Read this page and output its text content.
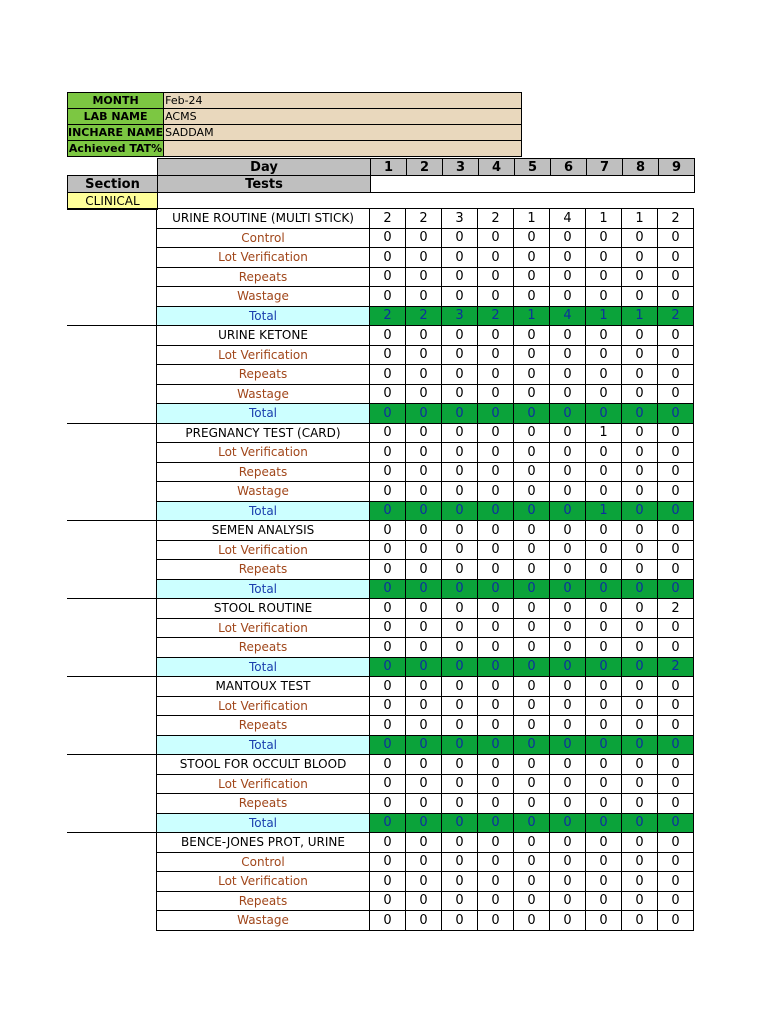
MONTH	Feb-24
LAB NAME	ACMS
INCHARE NAME	SADDAM
Achieved TAT%	
	Day	1	2	3	4	5	6	7	8	9
Section	Tests									
CLINICAL										
	URINE ROUTINE (MULTI STICK)	2	2	3	2	1	4	1	1	2
	Control	0	0	0	0	0	0	0	0	0
	Lot Verification	0	0	0	0	0	0	0	0	0
	Repeats	0	0	0	0	0	0	0	0	0
	Wastage	0	0	0	0	0	0	0	0	0
	Total	2	2	3	2	1	4	1	1	2
	URINE KETONE	0	0	0	0	0	0	0	0	0
	Lot Verification	0	0	0	0	0	0	0	0	0
	Repeats	0	0	0	0	0	0	0	0	0
	Wastage	0	0	0	0	0	0	0	0	0
	Total	0	0	0	0	0	0	0	0	0
	PREGNANCY TEST (CARD)	0	0	0	0	0	0	1	0	0
	Lot Verification	0	0	0	0	0	0	0	0	0
	Repeats	0	0	0	0	0	0	0	0	0
	Wastage	0	0	0	0	0	0	0	0	0
	Total	0	0	0	0	0	0	1	0	0
	SEMEN ANALYSIS	0	0	0	0	0	0	0	0	0
	Lot Verification	0	0	0	0	0	0	0	0	0
	Repeats	0	0	0	0	0	0	0	0	0
	Total	0	0	0	0	0	0	0	0	0
	STOOL ROUTINE	0	0	0	0	0	0	0	0	2
	Lot Verification	0	0	0	0	0	0	0	0	0
	Repeats	0	0	0	0	0	0	0	0	0
	Total	0	0	0	0	0	0	0	0	2
	MANTOUX TEST	0	0	0	0	0	0	0	0	0
	Lot Verification	0	0	0	0	0	0	0	0	0
	Repeats	0	0	0	0	0	0	0	0	0
	Total	0	0	0	0	0	0	0	0	0
	STOOL FOR OCCULT BLOOD	0	0	0	0	0	0	0	0	0
	Lot Verification	0	0	0	0	0	0	0	0	0
	Repeats	0	0	0	0	0	0	0	0	0
	Total	0	0	0	0	0	0	0	0	0
	BENCE-JONES PROT, URINE	0	0	0	0	0	0	0	0	0
	Control	0	0	0	0	0	0	0	0	0
	Lot Verification	0	0	0	0	0	0	0	0	0
	Repeats	0	0	0	0	0	0	0	0	0
	Wastage	0	0	0	0	0	0	0	0	0
